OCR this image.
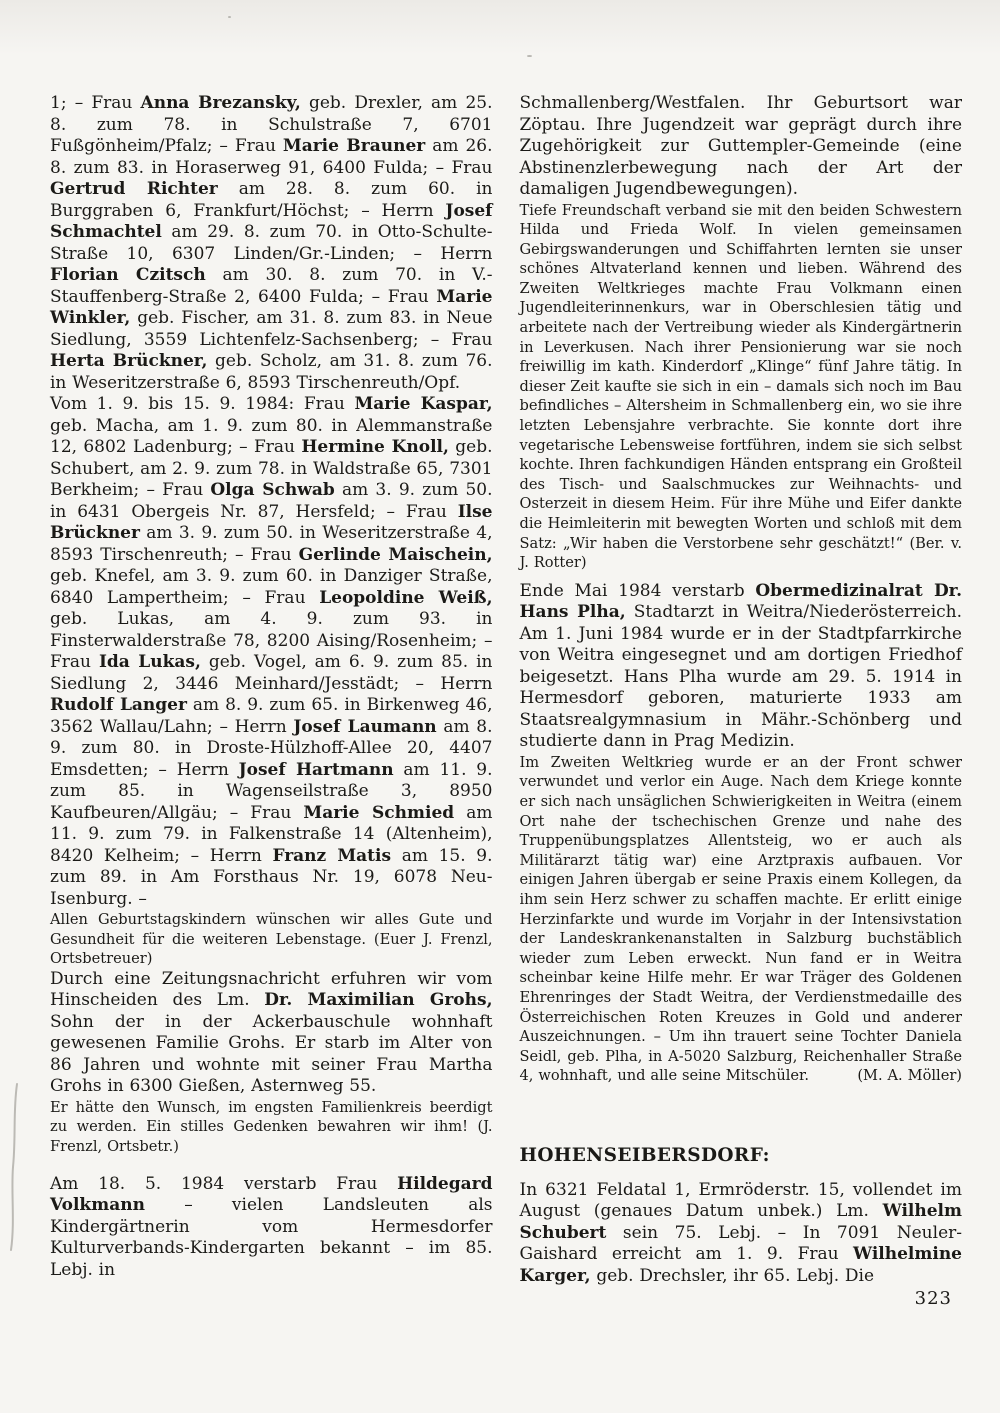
1; – Frau Anna Brezansky, geb. Drexler, am 25. 8. zum 78. in Schulstraße 7, 6701 Fußgönheim/Pfalz; – Frau Marie Brauner am 26. 8. zum 83. in Horaserweg 91, 6400 Fulda; – Frau Gertrud Richter am 28. 8. zum 60. in Burggraben 6, Frankfurt/Höchst; – Herrn Josef Schmachtel am 29. 8. zum 70. in Otto-Schulte-Straße 10, 6307 Linden/Gr.-Linden; – Herrn Florian Czitsch am 30. 8. zum 70. in V.-Stauffenberg-Straße 2, 6400 Fulda; – Frau Marie Winkler, geb. Fischer, am 31. 8. zum 83. in Neue Siedlung, 3559 Lichtenfelz-Sachsenberg; – Frau Herta Brückner, geb. Scholz, am 31. 8. zum 76. in Weseritzerstraße 6, 8593 Tirschenreuth/Opf.

Vom 1. 9. bis 15. 9. 1984: Frau Marie Kaspar, geb. Macha, am 1. 9. zum 80. in Alemmanstraße 12, 6802 Ladenburg; – Frau Hermine Knoll, geb. Schubert, am 2. 9. zum 78. in Waldstraße 65, 7301 Berkheim; – Frau Olga Schwab am 3. 9. zum 50. in 6431 Obergeis Nr. 87, Hersfeld; – Frau Ilse Brückner am 3. 9. zum 50. in Weseritzerstraße 4, 8593 Tirschenreuth; – Frau Gerlinde Maischein, geb. Knefel, am 3. 9. zum 60. in Danziger Straße, 6840 Lampertheim; – Frau Leopoldine Weiß, geb. Lukas, am 4. 9. zum 93. in Finsterwalderstraße 78, 8200 Aising/Rosenheim; – Frau Ida Lukas, geb. Vogel, am 6. 9. zum 85. in Siedlung 2, 3446 Meinhard/Jesstädt; – Herrn Rudolf Langer am 8. 9. zum 65. in Birkenweg 46, 3562 Wallau/Lahn; – Herrn Josef Laumann am 8. 9. zum 80. in Droste-Hülzhoff-Allee 20, 4407 Emsdetten; – Herrn Josef Hartmann am 11. 9. zum 85. in Wagenseilstraße 3, 8950 Kaufbeuren/Allgäu; – Frau Marie Schmied am 11. 9. zum 79. in Falkenstraße 14 (Altenheim), 8420 Kelheim; – Herrn Franz Matis am 15. 9. zum 89. in Am Forsthaus Nr. 19, 6078 Neu-Isenburg. –

Allen Geburtstagskindern wünschen wir alles Gute und Gesundheit für die weiteren Lebenstage. (Euer J. Frenzl, Ortsbetreuer)

Durch eine Zeitungsnachricht erfuhren wir vom Hinscheiden des Lm. Dr. Maximilian Grohs, Sohn der in der Ackerbauschule wohnhaft gewesenen Familie Grohs. Er starb im Alter von 86 Jahren und wohnte mit seiner Frau Martha Grohs in 6300 Gießen, Asternweg 55.

Er hätte den Wunsch, im engsten Familienkreis beerdigt zu werden. Ein stilles Gedenken bewahren wir ihm! (J. Frenzl, Ortsbetr.)

Am 18. 5. 1984 verstarb Frau Hildegard Volkmann – vielen Landsleuten als Kindergärtnerin vom Hermesdorfer Kulturverbands-Kindergarten bekannt – im 85. Lebj. in

Schmallenberg/Westfalen. Ihr Geburtsort war Zöptau. Ihre Jugendzeit war geprägt durch ihre Zugehörigkeit zur Guttempler-Gemeinde (eine Abstinenzlerbewegung nach der Art der damaligen Jugendbewegungen).

Tiefe Freundschaft verband sie mit den beiden Schwestern Hilda und Frieda Wolf. In vielen gemeinsamen Gebirgswanderungen und Schiffahrten lernten sie unser schönes Altvaterland kennen und lieben. Während des Zweiten Weltkrieges machte Frau Volkmann einen Jugendleiterinnenkurs, war in Oberschlesien tätig und arbeitete nach der Vertreibung wieder als Kindergärtnerin in Leverkusen. Nach ihrer Pensionierung war sie noch freiwillig im kath. Kinderdorf „Klinge“ fünf Jahre tätig. In dieser Zeit kaufte sie sich in ein – damals sich noch im Bau befindliches – Altersheim in Schmallenberg ein, wo sie ihre letzten Lebensjahre verbrachte. Sie konnte dort ihre vegetarische Lebensweise fortführen, indem sie sich selbst kochte. Ihren fachkundigen Händen entsprang ein Großteil des Tisch- und Saalschmuckes zur Weihnachts- und Osterzeit in diesem Heim. Für ihre Mühe und Eifer dankte die Heimleiterin mit bewegten Worten und schloß mit dem Satz: „Wir haben die Verstorbene sehr geschätzt!“ (Ber. v. J. Rotter)

Ende Mai 1984 verstarb Obermedizinalrat Dr. Hans Plha, Stadtarzt in Weitra/Niederösterreich. Am 1. Juni 1984 wurde er in der Stadtpfarrkirche von Weitra eingesegnet und am dortigen Friedhof beigesetzt. Hans Plha wurde am 29. 5. 1914 in Hermesdorf geboren, maturierte 1933 am Staatsrealgymnasium in Mähr.-Schönberg und studierte dann in Prag Medizin.

Im Zweiten Weltkrieg wurde er an der Front schwer verwundet und verlor ein Auge. Nach dem Kriege konnte er sich nach unsäglichen Schwierigkeiten in Weitra (einem Ort nahe der tschechischen Grenze und nahe des Truppenübungsplatzes Allentsteig, wo er auch als Militärarzt tätig war) eine Arztpraxis aufbauen. Vor einigen Jahren übergab er seine Praxis einem Kollegen, da ihm sein Herz schwer zu schaffen machte. Er erlitt einige Herzinfarkte und wurde im Vorjahr in der Intensivstation der Landeskrankenanstalten in Salzburg buchstäblich wieder zum Leben erweckt. Nun fand er in Weitra scheinbar keine Hilfe mehr. Er war Träger des Goldenen Ehrenringes der Stadt Weitra, der Verdienstmedaille des Österreichischen Roten Kreuzes in Gold und anderer Auszeichnungen. – Um ihn trauert seine Tochter Daniela Seidl, geb. Plha, in A-5020 Salzburg, Reichenhaller Straße 4, wohnhaft, und alle seine Mitschüler.	(M. A. Möller)

HOHENSEIBERSDORF:

In 6321 Feldatal 1, Ermröderstr. 15, vollendet im August (genaues Datum unbek.) Lm. Wilhelm Schubert sein 75. Lebj. – In 7091 Neuler-Gaishard erreicht am 1. 9. Frau Wilhelmine Karger, geb. Drechsler, ihr 65. Lebj. Die

323
